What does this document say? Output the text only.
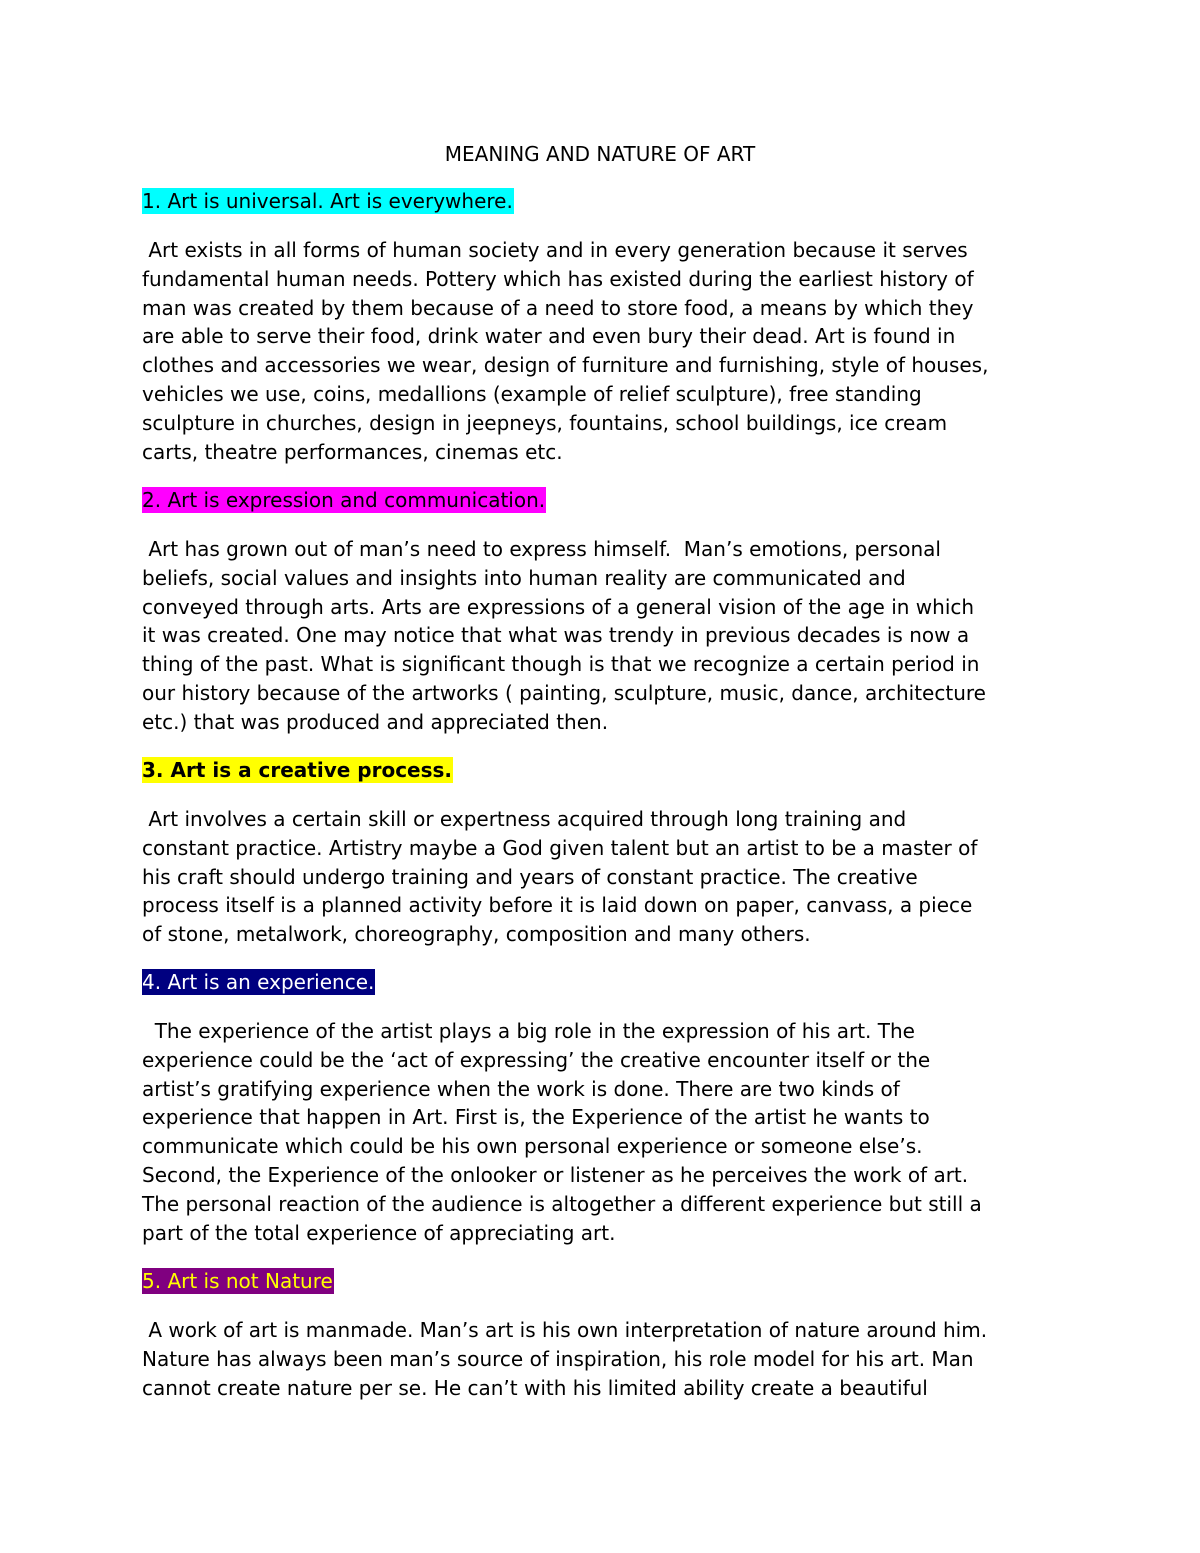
MEANING AND NATURE OF ART
1. Art is universal. Art is everywhere.

Art exists in all forms of human society and in every generation because it serves
fundamental human needs. Pottery which has existed during the earliest history of
man was created by them because of a need to store food, a means by which they
are able to serve their food, drink water and even bury their dead. Art is found in
clothes and accessories we wear, design of furniture and furnishing, style of houses,
vehicles we use, coins, medallions (example of relief sculpture), free standing
sculpture in churches, design in jeepneys, fountains, school buildings, ice cream
carts, theatre performances, cinemas etc.

2. Art is expression and communication.

Art has grown out of man’s need to express himself.  Man’s emotions, personal
beliefs, social values and insights into human reality are communicated and
conveyed through arts. Arts are expressions of a general vision of the age in which
it was created. One may notice that what was trendy in previous decades is now a
thing of the past. What is significant though is that we recognize a certain period in
our history because of the artworks ( painting, sculpture, music, dance, architecture
etc.) that was produced and appreciated then.

3. Art is a creative process.

Art involves a certain skill or expertness acquired through long training and
constant practice. Artistry maybe a God given talent but an artist to be a master of
his craft should undergo training and years of constant practice. The creative
process itself is a planned activity before it is laid down on paper, canvass, a piece
of stone, metalwork, choreography, composition and many others.

4. Art is an experience.

The experience of the artist plays a big role in the expression of his art. The
experience could be the ‘act of expressing’ the creative encounter itself or the
artist’s gratifying experience when the work is done. There are two kinds of
experience that happen in Art. First is, the Experience of the artist he wants to
communicate which could be his own personal experience or someone else’s.
Second, the Experience of the onlooker or listener as he perceives the work of art.
The personal reaction of the audience is altogether a different experience but still a
part of the total experience of appreciating art.

5. Art is not Nature

A work of art is manmade. Man’s art is his own interpretation of nature around him.
Nature has always been man’s source of inspiration, his role model for his art. Man
cannot create nature per se. He can’t with his limited ability create a beautiful
